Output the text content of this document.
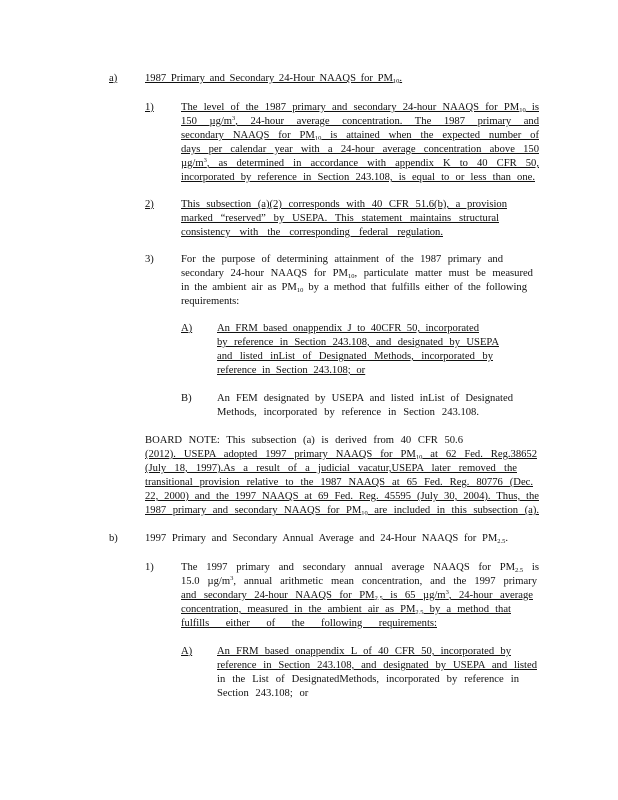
a)	1987 Primary and Secondary 24-Hour NAAQS for $PM_{10}$.
1)	The level of the 1987 primary and secondary 24-hour NAAQS for $PM_{10}$ is
150 $\mu g/m^3$, 24-hour average concentration. The 1987 primary and
secondary NAAQS for $PM_{10}$ is attained when the expected number of
days per calendar year with a 24-hour average concentration above 150
$\mu g/m^3$, as determined in accordance with appendix K to 40 CFR 50,
incorporated by reference in Section 243.108, is equal to or less than one.
2)	This subsection (a)(2) corresponds with 40 CFR 51.6(b), a provision
marked “reserved” by USEPA. This statement maintains structural
consistency with the corresponding federal regulation.
3)	For the purpose of determining attainment of the 1987 primary and
secondary 24-hour NAAQS for $PM_{10}$, particulate matter must be measured
in the ambient air as $PM_{10}$ by a method that fulfills either of the following
requirements:
A) An FRM based onappendix J to 40CFR 50, incorporated
by reference in Section 243.108, and designated by USEPA
and listed inList of Designated Methods, incorporated by
reference in Section 243.108; or
B) An FEM designated by USEPA and listed inList of Designated
Methods, incorporated by reference in Section 243.108.
BOARD NOTE: This subsection (a) is derived from 40 CFR 50.6
(2012). USEPA adopted 1997 primary NAAQS for $PM_{10}$ at 62 Fed. Reg.38652
(July 18, 1997).As a result of a judicial vacatur,USEPA later removed the
transitional provision relative to the 1987 NAAQS at 65 Fed. Reg. 80776 (Dec.
22, 2000) and the 1997 NAAQS at 69 Fed. Reg. 45595 (July 30, 2004). Thus, the
1987 primary and secondary NAAQS for $PM_{10}$ are included in this subsection (a).
b)	1997 Primary and Secondary Annual Average and 24-Hour NAAQS for $PM_{2.5}$.
1)	The 1997 primary and secondary annual average NAAQS for $PM_{2.5}$ is
15.0 $\mu g/m^3$, annual arithmetic mean concentration, and the 1997 primary
and secondary 24-hour NAAQS for $PM_{2.5}$ is 65 $\mu g/m^3$, 24-hour average
concentration, measured in the ambient air as $PM_{2.5}$ by a method that
fulfills either of the following requirements:
A) An FRM based onappendix L of 40 CFR 50, incorporated by
reference in Section 243.108, and designated by USEPA and listed
in the List of DesignatedMethods, incorporated by reference in
Section 243.108; or
